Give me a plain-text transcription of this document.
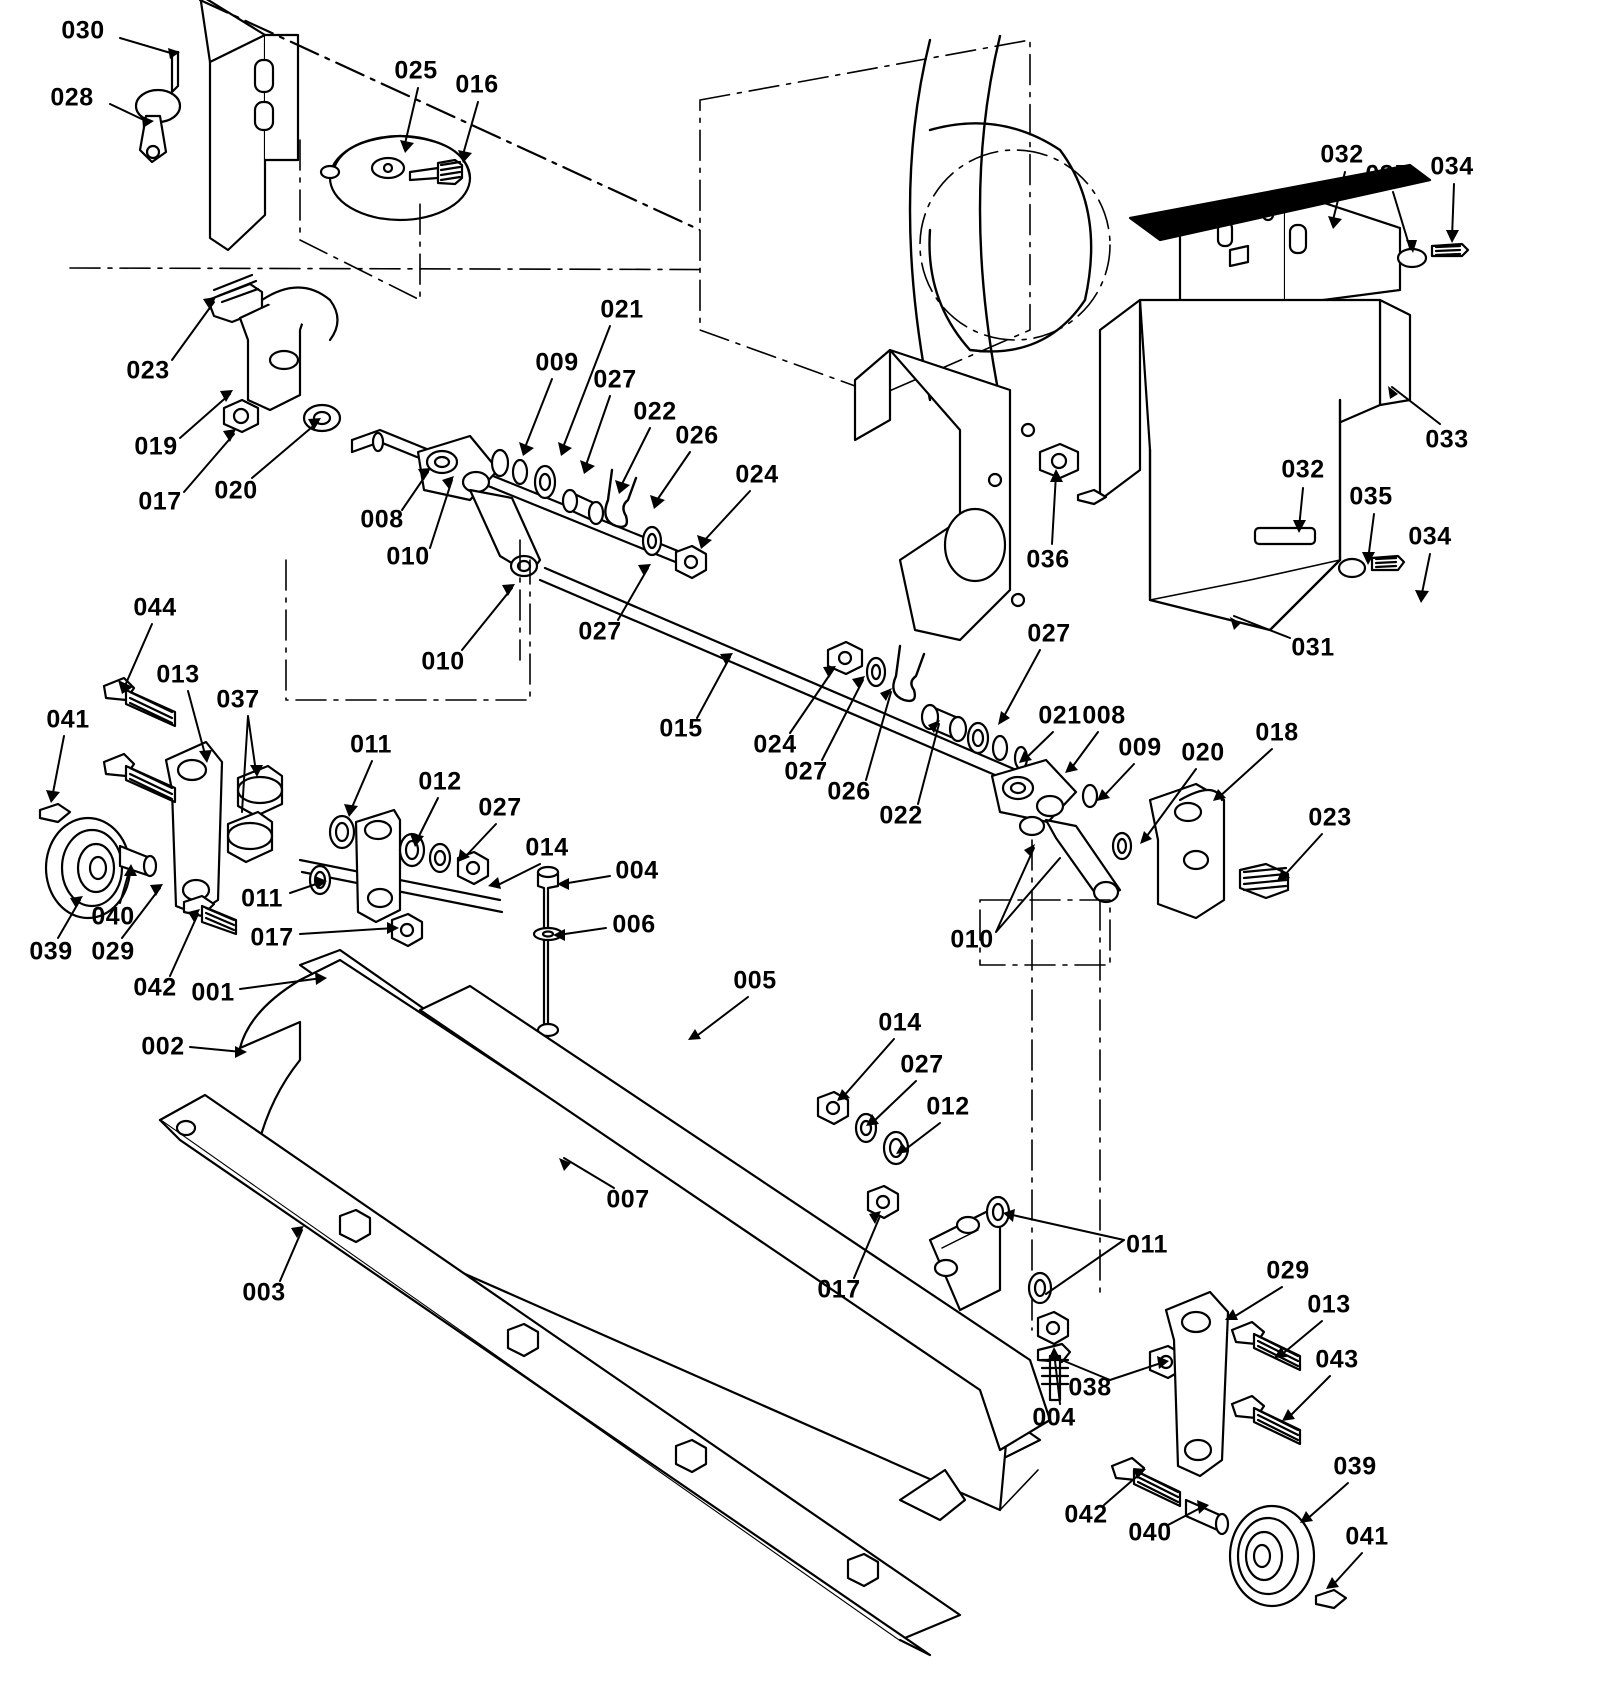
030
028
025 016
032
035 034
021
009
027
022
026
024
023
019
017 020
008
010
010
027
036
032
035
034
033
031
015
024
027
026
022
027
021 008
009 020
018
023
010
044
013
041
037
011
012
027
014
011
017
039 029
040
042 001
002
004
006
005
007
014
027
012
003	017
011
029
013
043
038
004
042
040
039
041
